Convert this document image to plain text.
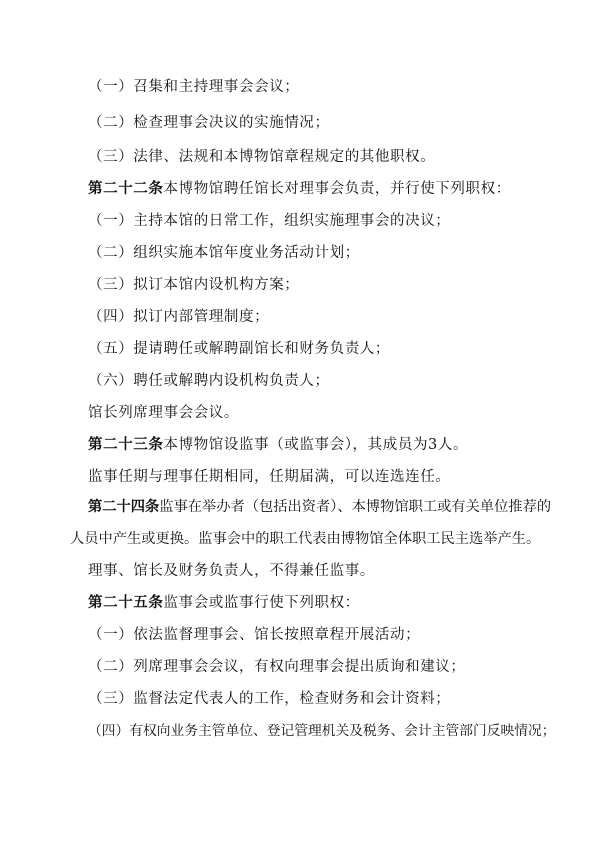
（一）召集和主持理事会会议；
（二）检查理事会决议的实施情况；
（三）法律、法规和本博物馆章程规定的其他职权。
第二十二条本博物馆聘任馆长对理事会负责，并行使下列职权：
（一）主持本馆的日常工作，组织实施理事会的决议；
（二）组织实施本馆年度业务活动计划；
（三）拟订本馆内设机构方案；
（四）拟订内部管理制度；
（五）提请聘任或解聘副馆长和财务负责人；
（六）聘任或解聘内设机构负责人；
馆长列席理事会会议。
第二十三条本博物馆设监事（或监事会），其成员为3人。
监事任期与理事任期相同，任期届满，可以连选连任。
第二十四条监事在举办者（包括出资者）、本博物馆职工或有关单位推荐的
人员中产生或更换。监事会中的职工代表由博物馆全体职工民主选举产生。
理事、馆长及财务负责人，不得兼任监事。
第二十五条监事会或监事行使下列职权：
（一）依法监督理事会、馆长按照章程开展活动；
（二）列席理事会会议，有权向理事会提出质询和建议；
（三）监督法定代表人的工作，检查财务和会计资料；
（四）有权向业务主管单位、登记管理机关及税务、会计主管部门反映情况；
